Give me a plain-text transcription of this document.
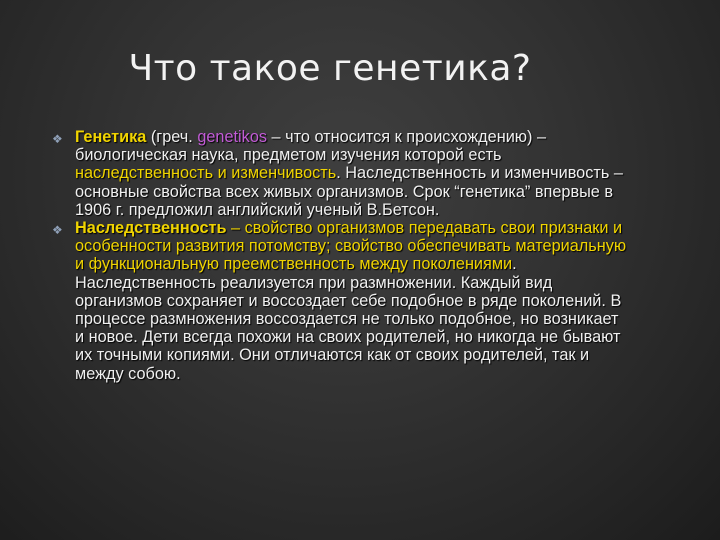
Что такое генетика?
❖ Генетика (греч. genetikos – что относится к происхождению) – биологическая наука, предметом изучения которой есть наследственность и изменчивость. Наследственность и изменчивость – основные свойства всех живых организмов. Срок “генетика” впервые в 1906 г. предложил английский ученый В.Бетсон.
❖ Наследственность – свойство организмов передавать свои признаки и особенности развития потомству; свойство обеспечивать материальную и функциональную преемственность между поколениями. Наследственность реализуется при размножении. Каждый вид организмов сохраняет и воссоздает себе подобное в ряде поколений. В процессе размножения воссоздается не только подобное, но возникает и новое. Дети всегда похожи на своих родителей, но никогда не бывают их точными копиями. Они отличаются как от своих родителей, так и между собою.
